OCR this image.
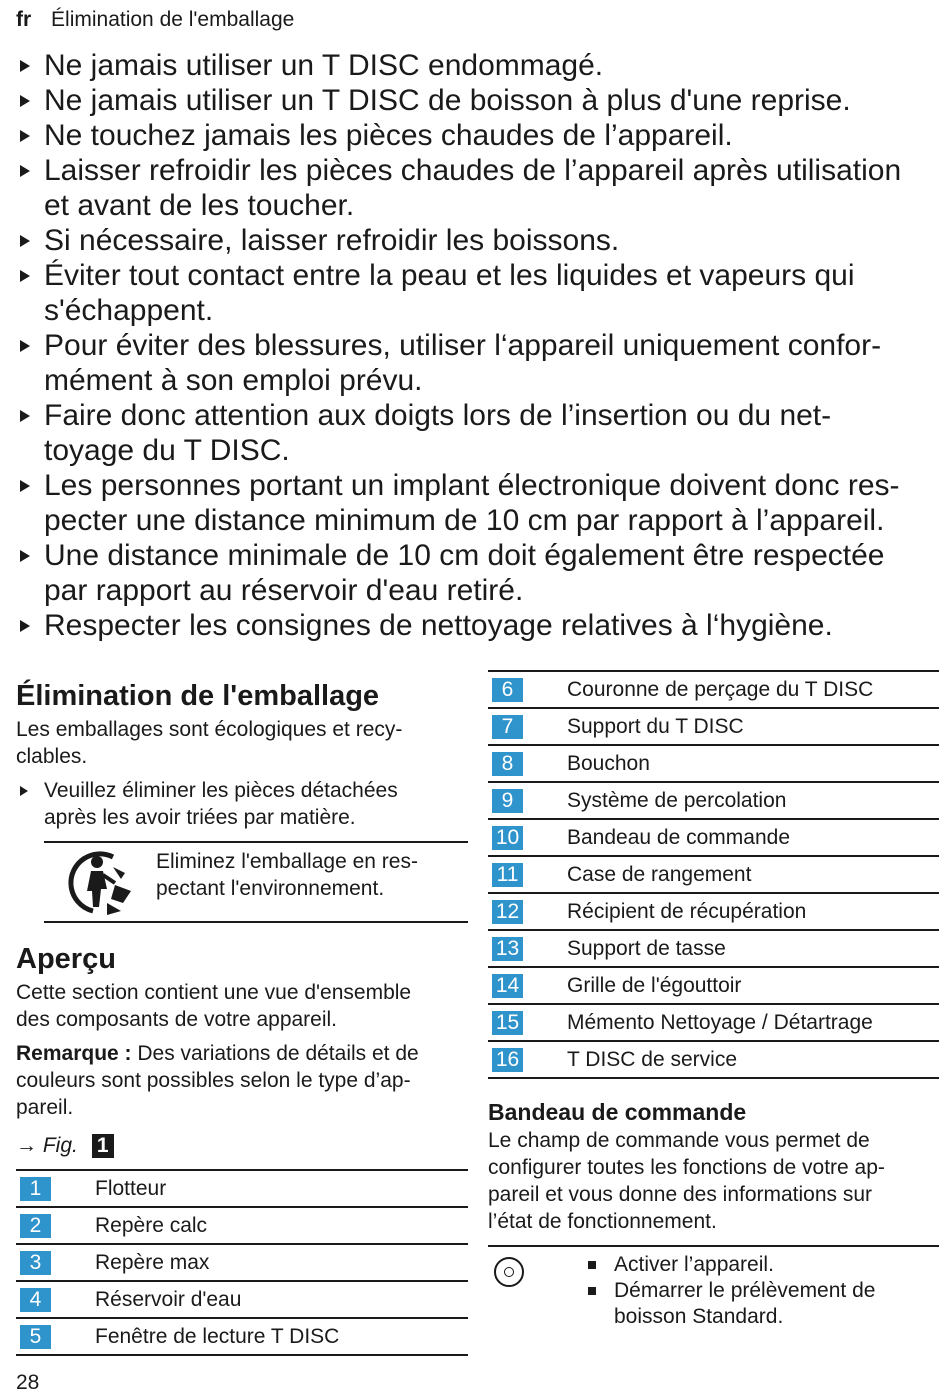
fr Élimination de l'emballage
Ne jamais utiliser un T DISC endommagé.
Ne jamais utiliser un T DISC de boisson à plus d'une reprise.
Ne touchez jamais les pièces chaudes de l’appareil.
Laisser refroidir les pièces chaudes de l’appareil après utilisation
et avant de les toucher.
Si nécessaire, laisser refroidir les boissons.
Éviter tout contact entre la peau et les liquides et vapeurs qui
s'échappent.
Pour éviter des blessures, utiliser l‘appareil uniquement confor-
mément à son emploi prévu.
Faire donc attention aux doigts lors de l’insertion ou du net-
toyage du T DISC.
Les personnes portant un implant électronique doivent donc res-
pecter une distance minimum de 10 cm par rapport à l’appareil.
Une distance minimale de 10 cm doit également être respectée
par rapport au réservoir d'eau retiré.
Respecter les consignes de nettoyage relatives à l‘hygiène.
Élimination de l'emballage

Les emballages sont écologiques et recy-
clables.

Veuillez éliminer les pièces détachées
après les avoir triées par matière.
Eliminez l'emballage en res-
pectant l'environnement.
Aperçu

Cette section contient une vue d'ensemble
des composants de votre appareil.

Remarque : Des variations de détails et de
couleurs sont possibles selon le type d’ap-
pareil.

→ Fig. 1
1	Flotteur
2	Repère calc
3	Repère max
4	Réservoir d'eau
5	Fenêtre de lecture T DISC
6	Couronne de perçage du T DISC
7	Support du T DISC
8	Bouchon
9	Système de percolation
10	Bandeau de commande
11	Case de rangement
12	Récipient de récupération
13	Support de tasse
14	Grille de l'égouttoir
15	Mémento Nettoyage / Détartrage
16	T DISC de service
Bandeau de commande

Le champ de commande vous permet de
configurer toutes les fonctions de votre ap-
pareil et vous donne des informations sur
l’état de fonctionnement.

Activer l’appareil.
Démarrer le prélèvement de
boisson Standard.
28
